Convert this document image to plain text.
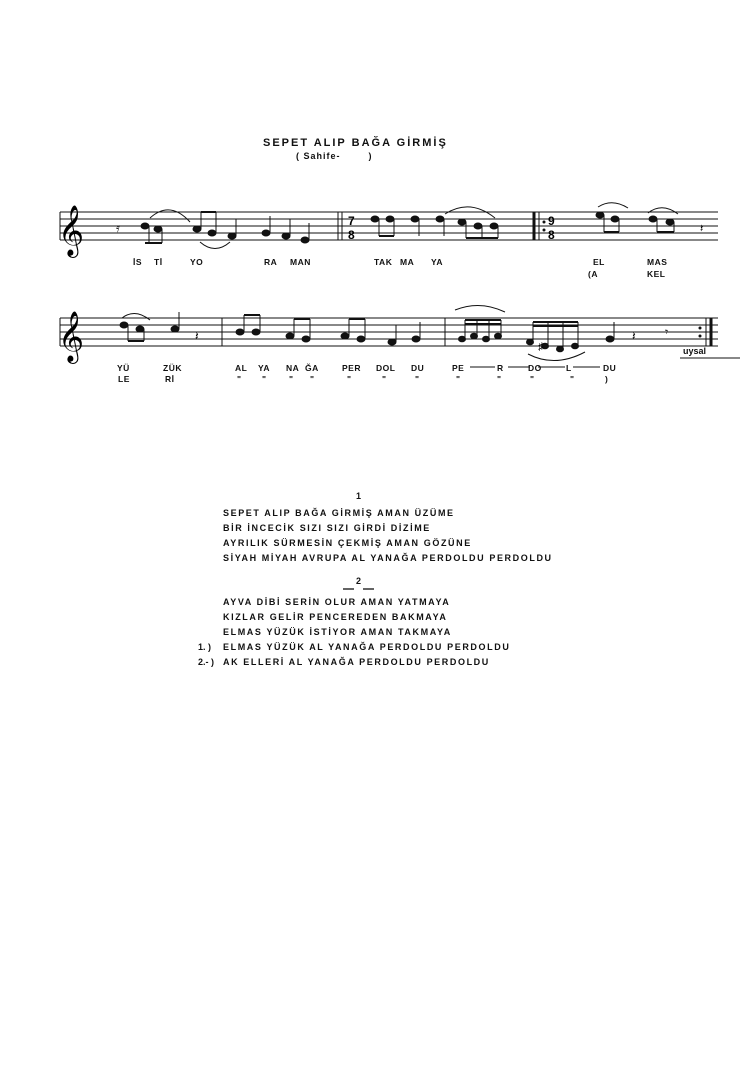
SEPET ALIP BAĞA GİRMİŞ
( Sahife-        )
𝄞 𝄿	7
8
9
8	𝄽
𝄞	𝄽
♯
𝄽 𝄾
İS Tİ	YO	RA MAN	TAK MA YA	EL	MAS
(A	KEL
YÜ	ZÜK	AL YA NA ĞA	PER DOL DU	PE	R	DO	L	DU
LE	Rİ	" "	" "	"	"	"	"	"	"	"	)
uysal
1
SEPET ALIP BAĞA GİRMİŞ AMAN ÜZÜME
BİR İNCECİK SIZI SIZI GİRDİ DİZİME
AYRILIK SÜRMESİN ÇEKMİŞ AMAN GÖZÜNE
SİYAH MİYAH AVRUPA AL YANAĞA PERDOLDU PERDOLDU
2
AYVA DİBİ SERİN OLUR AMAN YATMAYA
KIZLAR GELİR PENCEREDEN BAKMAYA
ELMAS YÜZÜK İSTİYOR AMAN TAKMAYA
1. ) ELMAS YÜZÜK AL YANAĞA PERDOLDU PERDOLDU
2.- ) AK ELLERİ AL YANAĞA PERDOLDU PERDOLDU
